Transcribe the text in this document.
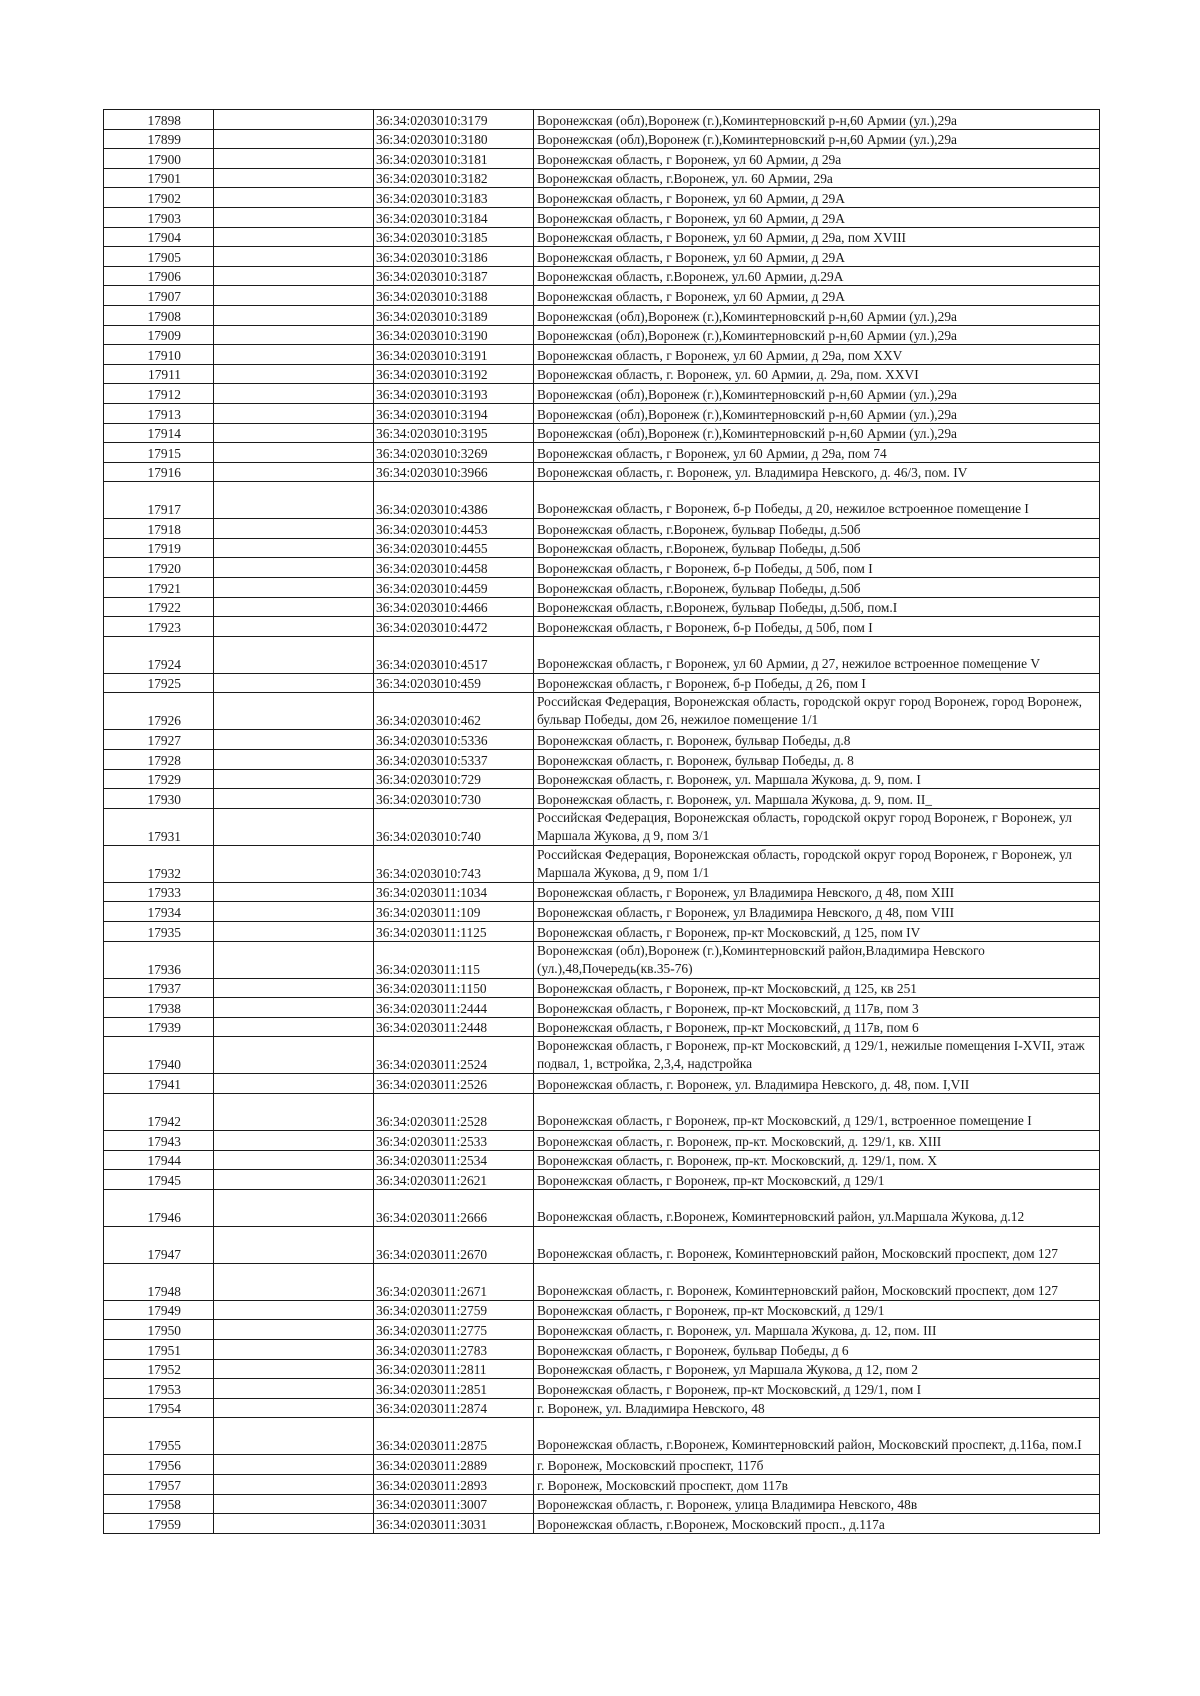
17898		36:34:0203010:3179	Воронежская (обл),Воронеж (г.),Коминтерновский р-н,60 Армии (ул.),29а
17899		36:34:0203010:3180	Воронежская (обл),Воронеж (г.),Коминтерновский р-н,60 Армии (ул.),29а
17900		36:34:0203010:3181	Воронежская область, г Воронеж, ул 60 Армии, д 29а
17901		36:34:0203010:3182	Воронежская область, г.Воронеж, ул. 60 Армии, 29а
17902		36:34:0203010:3183	Воронежская область, г Воронеж, ул 60 Армии, д 29А
17903		36:34:0203010:3184	Воронежская область, г Воронеж, ул 60 Армии, д 29А
17904		36:34:0203010:3185	Воронежская область, г Воронеж, ул 60 Армии, д 29а, пом XVIII
17905		36:34:0203010:3186	Воронежская область, г Воронеж, ул 60 Армии, д 29А
17906		36:34:0203010:3187	Воронежская область, г.Воронеж, ул.60 Армии, д.29А
17907		36:34:0203010:3188	Воронежская область, г Воронеж, ул 60 Армии, д 29А
17908		36:34:0203010:3189	Воронежская (обл),Воронеж (г.),Коминтерновский р-н,60 Армии (ул.),29а
17909		36:34:0203010:3190	Воронежская (обл),Воронеж (г.),Коминтерновский р-н,60 Армии (ул.),29а
17910		36:34:0203010:3191	Воронежская область, г Воронеж, ул 60 Армии, д 29а, пом XXV
17911		36:34:0203010:3192	Воронежская область, г. Воронеж, ул. 60 Армии, д. 29а, пом. XXVI
17912		36:34:0203010:3193	Воронежская (обл),Воронеж (г.),Коминтерновский р-н,60 Армии (ул.),29а
17913		36:34:0203010:3194	Воронежская (обл),Воронеж (г.),Коминтерновский р-н,60 Армии (ул.),29а
17914		36:34:0203010:3195	Воронежская (обл),Воронеж (г.),Коминтерновский р-н,60 Армии (ул.),29а
17915		36:34:0203010:3269	Воронежская область, г Воронеж, ул 60 Армии, д 29а, пом 74
17916		36:34:0203010:3966	Воронежская область, г. Воронеж, ул. Владимира Невского, д. 46/3, пом. IV
17917		36:34:0203010:4386	Воронежская область, г Воронеж, б-р Победы, д 20, нежилое встроенное помещение I
17918		36:34:0203010:4453	Воронежская область, г.Воронеж, бульвар Победы, д.50б
17919		36:34:0203010:4455	Воронежская область, г.Воронеж, бульвар Победы, д.50б
17920		36:34:0203010:4458	Воронежская область, г Воронеж, б-р Победы, д 50б, пом I
17921		36:34:0203010:4459	Воронежская область, г.Воронеж, бульвар Победы, д.50б
17922		36:34:0203010:4466	Воронежская область, г.Воронеж, бульвар Победы, д.50б, пом.I
17923		36:34:0203010:4472	Воронежская область, г Воронеж, б-р Победы, д 50б, пом I
17924		36:34:0203010:4517	Воронежская область, г Воронеж, ул 60 Армии, д 27, нежилое встроенное помещение V
17925		36:34:0203010:459	Воронежская область, г Воронеж, б-р Победы, д 26, пом I
17926		36:34:0203010:462	Российская Федерация, Воронежская область, городской округ город Воронеж, город Воронеж, бульвар Победы, дом 26, нежилое помещение 1/1
17927		36:34:0203010:5336	Воронежская область, г. Воронеж, бульвар Победы, д.8
17928		36:34:0203010:5337	Воронежская область, г. Воронеж, бульвар Победы, д. 8
17929		36:34:0203010:729	Воронежская область, г. Воронеж, ул. Маршала Жукова, д. 9, пом. I
17930		36:34:0203010:730	Воронежская область, г. Воронеж, ул. Маршала Жукова, д. 9, пом. II_
17931		36:34:0203010:740	Российская Федерация, Воронежская область, городской округ город Воронеж, г Воронеж, ул Маршала Жукова, д 9, пом 3/1
17932		36:34:0203010:743	Российская Федерация, Воронежская область, городской округ город Воронеж, г Воронеж, ул Маршала Жукова, д 9, пом 1/1
17933		36:34:0203011:1034	Воронежская область, г Воронеж, ул Владимира Невского, д 48, пом XIII
17934		36:34:0203011:109	Воронежская область, г Воронеж, ул Владимира Невского, д 48, пом VIII
17935		36:34:0203011:1125	Воронежская область, г Воронеж, пр-кт Московский, д 125, пом IV
17936		36:34:0203011:115	Воронежская (обл),Воронеж (г.),Коминтерновский район,Владимира Невского (ул.),48,Почередь(кв.35-76)
17937		36:34:0203011:1150	Воронежская область, г Воронеж, пр-кт Московский, д 125, кв 251
17938		36:34:0203011:2444	Воронежская область, г Воронеж, пр-кт Московский, д 117в, пом 3
17939		36:34:0203011:2448	Воронежская область, г Воронеж, пр-кт Московский, д 117в, пом 6
17940		36:34:0203011:2524	Воронежская область, г Воронеж, пр-кт Московский, д 129/1, нежилые помещения I-XVII, этаж подвал, 1, встройка, 2,3,4, надстройка
17941		36:34:0203011:2526	Воронежская область, г. Воронеж, ул. Владимира Невского, д. 48, пом. I,VII
17942		36:34:0203011:2528	Воронежская область, г Воронеж, пр-кт Московский, д 129/1, встроенное помещение I
17943		36:34:0203011:2533	Воронежская область, г. Воронеж, пр-кт. Московский, д. 129/1, кв. XIII
17944		36:34:0203011:2534	Воронежская область, г. Воронеж, пр-кт. Московский, д. 129/1, пом. X
17945		36:34:0203011:2621	Воронежская область, г Воронеж, пр-кт Московский, д 129/1
17946		36:34:0203011:2666	Воронежская область, г.Воронеж, Коминтерновский район, ул.Маршала Жукова, д.12
17947		36:34:0203011:2670	Воронежская область, г. Воронеж, Коминтерновский район, Московский проспект, дом 127
17948		36:34:0203011:2671	Воронежская область, г. Воронеж, Коминтерновский район, Московский проспект, дом 127
17949		36:34:0203011:2759	Воронежская область, г Воронеж, пр-кт Московский, д 129/1
17950		36:34:0203011:2775	Воронежская область, г. Воронеж, ул. Маршала Жукова, д. 12, пом. III
17951		36:34:0203011:2783	Воронежская область, г Воронеж, бульвар Победы, д 6
17952		36:34:0203011:2811	Воронежская область, г Воронеж, ул Маршала Жукова, д 12, пом 2
17953		36:34:0203011:2851	Воронежская область, г Воронеж, пр-кт Московский, д 129/1, пом I
17954		36:34:0203011:2874	г. Воронеж, ул. Владимира Невского, 48
17955		36:34:0203011:2875	Воронежская область, г.Воронеж, Коминтерновский район, Московский проспект, д.116а, пом.I
17956		36:34:0203011:2889	г. Воронеж, Московский проспект, 117б
17957		36:34:0203011:2893	г. Воронеж, Московский проспект, дом 117в
17958		36:34:0203011:3007	Воронежская область, г. Воронеж, улица Владимира Невского, 48в
17959		36:34:0203011:3031	Воронежская область, г.Воронеж, Московский просп., д.117а
